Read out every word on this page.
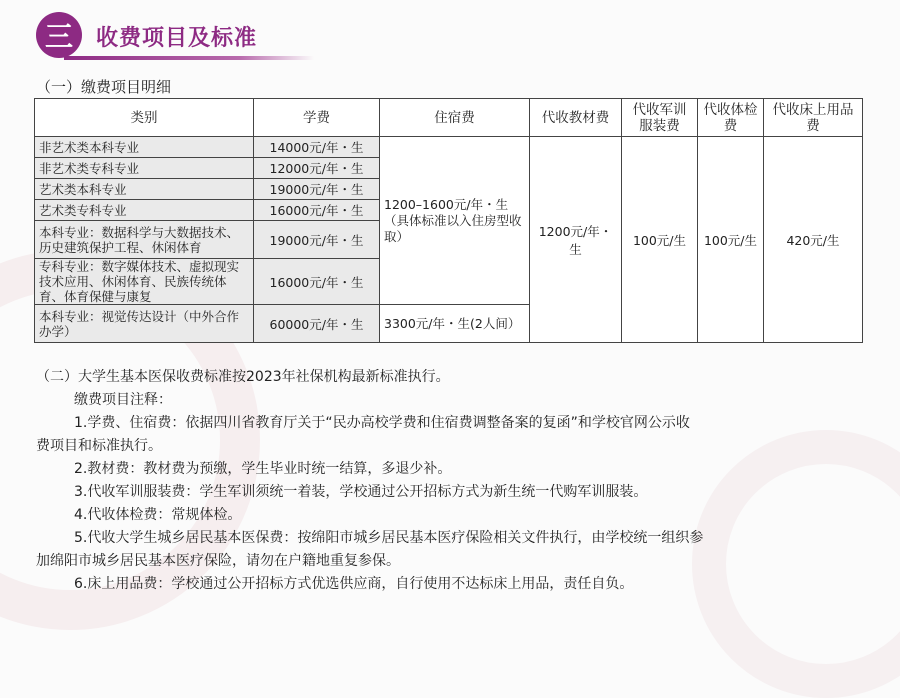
三	收费项目及标准
（一）缴费项目明细
类别	学费	住宿费	代收教材费	代收军训服装费	代收体检费	代收床上用品费
非艺术类本科专业	14000元/年・生	1200–1600元/年・生（具体标准以入住房型收取）	1200元/年・生	100元/生	100元/生	420元/生
非艺术类专科专业	12000元/年・生					
艺术类本科专业	19000元/年・生					
艺术类专科专业	16000元/年・生					
本科专业：数据科学与大数据技术、历史建筑保护工程、休闲体育	19000元/年・生					
专科专业：数字媒体技术、虚拟现实技术应用、休闲体育、民族传统体育、体育保健与康复	16000元/年・生					
本科专业：视觉传达设计（中外合作办学）	60000元/年・生	3300元/年・生(2人间）				
（二）大学生基本医保收费标准按2023年社保机构最新标准执行。
缴费项目注释：
1.学费、住宿费：依据四川省教育厅关于“民办高校学费和住宿费调整备案的复函”和学校官网公示收
费项目和标准执行。
2.教材费：教材费为预缴，学生毕业时统一结算，多退少补。
3.代收军训服装费：学生军训须统一着装，学校通过公开招标方式为新生统一代购军训服装。
4.代收体检费：常规体检。
5.代收大学生城乡居民基本医保费：按绵阳市城乡居民基本医疗保险相关文件执行，由学校统一组织参
加绵阳市城乡居民基本医疗保险，请勿在户籍地重复参保。
6.床上用品费：学校通过公开招标方式优选供应商，自行使用不达标床上用品，责任自负。
